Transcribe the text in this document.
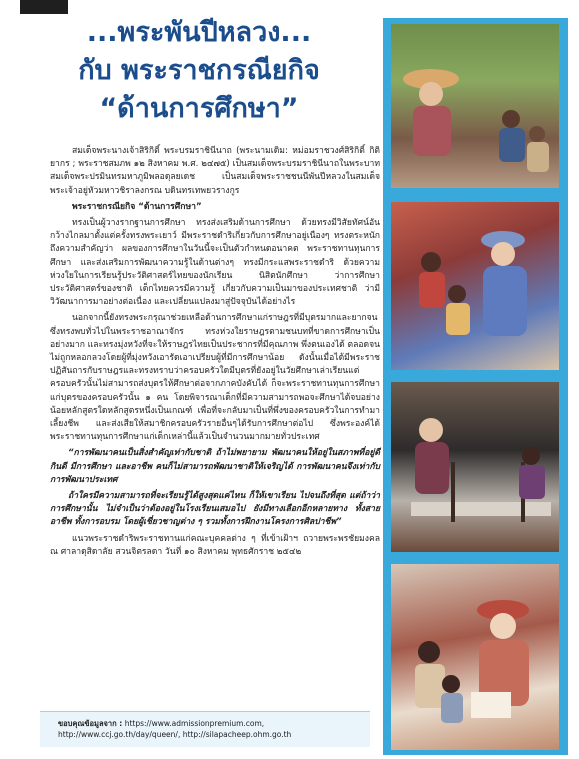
...พระพันปีหลวง...
กับ พระราชกรณียกิจ
“ด้านการศึกษา”

สมเด็จพระนางเจ้าสิริกิติ์ พระบรมราชินีนาถ (พระนามเดิม: หม่อมราชวงศ์สิริกิติ์ กิติยากร ; พระราชสมภพ ๑๒ สิงหาคม พ.ศ. ๒๔๗๕) เป็นสมเด็จพระบรมราชินีนาถในพระบาทสมเด็จพระปรมินทรมหาภูมิพลอดุลยเดช เป็นสมเด็จพระราชชนนีพันปีหลวงในสมเด็จพระเจ้าอยู่หัวมหาวชิราลงกรณ บดินทรเทพยวรางกูร

พระราชกรณียกิจ “ด้านการศึกษา”

ทรงเป็นผู้วางรากฐานการศึกษา ทรงส่งเสริมด้านการศึกษา ด้วยทรงมีวิสัยทัศน์อันกว้างไกลมาตั้งแต่ครั้งทรงพระเยาว์ มีพระราชดำริเกี่ยวกับการศึกษาอยู่เนืองๆ ทรงตระหนักถึงความสำคัญว่า ผลของการศึกษาในวันนี้จะเป็นตัวกำหนดอนาคต พระราชทานทุนการศึกษา และส่งเสริมการพัฒนาความรู้ในด้านต่างๆ ทรงมีกระแสพระราชดำริ ด้วยความห่วงใยในการเรียนรู้ประวัติศาสตร์ไทยของนักเรียน นิสิตนักศึกษา ว่าการศึกษาประวัติศาสตร์ของชาติ เด็กไทยควรมีความรู้ เกี่ยวกับความเป็นมาของประเทศชาติ ว่ามีวิวัฒนาการมาอย่างต่อเนื่อง และเปลี่ยนแปลงมาสู่ปัจจุบันได้อย่างไร

นอกจากนี้ยังทรงพระกรุณาช่วยเหลือด้านการศึกษาแก่ราษฎรที่มีบุตรมากและยากจนซึ่งทรงพบทั่วไปในพระราชอาณาจักร ทรงห่วงใยราษฎรตามชนบทที่ขาดการศึกษาเป็นอย่างมาก และทรงมุ่งหวังที่จะให้ราษฎรไทยเป็นประชากรที่มีคุณภาพ พึ่งตนเองได้ ตลอดจนไม่ถูกหลอกลวงโดยผู้ที่มุ่งหวังเอารัดเอาเปรียบผู้ที่มีการศึกษาน้อย ดังนั้นเมื่อได้มีพระราชปฏิสันถารกับราษฎรและทรงทราบว่าครอบครัวใดมีบุตรที่ยังอยู่ในวัยศึกษาเล่าเรียนแต่ครอบครัวนั้นไม่สามารถส่งบุตรให้ศึกษาต่อจากภาคบังคับได้ ก็จะพระราชทานทุนการศึกษาแก่บุตรของครอบครัวนั้น ๑ คน โดยพิจารณาเด็กที่มีความสามารถพอจะศึกษาได้จบอย่างน้อยหลักสูตรใดหลักสูตรหนึ่งเป็นเกณฑ์ เพื่อที่จะกลับมาเป็นที่พึ่งของครอบครัวในการทำมาเลี้ยงชีพ และส่งเสียให้สมาชิกครอบครัวรายอื่นๆได้รับการศึกษาต่อไป ซึ่งพระองค์ได้พระราชทานทุนการศึกษาแก่เด็กเหล่านี้แล้วเป็นจำนวนมากมายทั่วประเทศ

“การพัฒนาคนเป็นสิ่งสำคัญเท่ากับชาติ ถ้าไม่พยายาม พัฒนาคนให้อยู่ในสภาพที่อยู่ดีกินดี มีการศึกษา และอาชีพ คนก็ไม่สามารถพัฒนาชาติให้เจริญได้ การพัฒนาคนจึงเท่ากับ การพัฒนาประเทศ

ถ้าใครมีความสามารถที่จะเรียนรู้ได้สูงสุดแค่ไหน ก็ให้เขาเรียน ไปจนถึงที่สุด แต่ถ้าว่าการศึกษานั้น ไม่จำเป็นว่าต้องอยู่ในโรงเรียนเสมอไป ยังมีทางเลือกอีกหลายทาง ทั้งสายอาชีพ ทั้งการอบรม โดยผู้เชี่ยวชาญต่าง ๆ รวมทั้งการฝึกงานโครงการศิลปาชีพ”

แนวพระราชดำริพระราชทานแก่คณะบุคคลต่าง ๆ ที่เข้าเฝ้าฯ ถวายพระพรชัยมงคล ณ ศาลาดุสิดาลัย สวนจิตรลดา วันที่ ๑๐ สิงหาคม พุทธศักราช ๒๕๔๒

ขอบคุณข้อมูลจาก : https://www.admissionpremium.com, http://www.ccj.go.th/day/queen/, http://silapacheep.ohm.go.th
